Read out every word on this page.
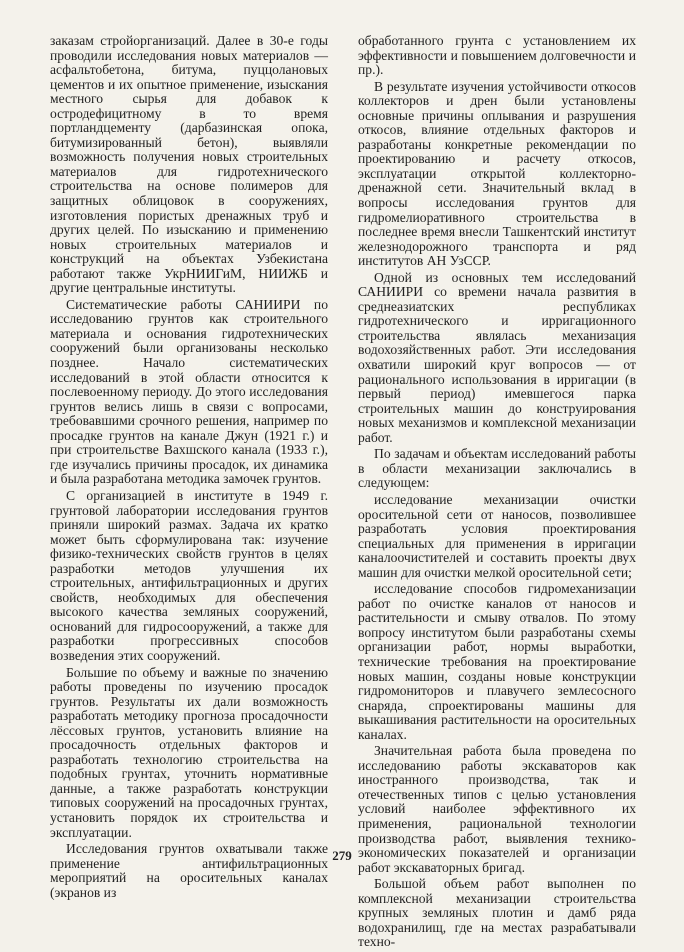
заказам стройорганизаций. Далее в 30-е годы проводили исследования новых материалов — асфальтобетона, битума, пуццолановых цементов и их опытное применение, изыскания местного сырья для добавок к остродефицитному в то время портландцементу (дарбазинская опока, битумизированный бетон), выявляли возможность получения новых строительных материалов для гидротехнического строительства на основе полимеров для защитных облицовок в сооружениях, изготовления пористых дренажных труб и других целей. По изысканию и применению новых строительных материалов и конструкций на объектах Узбекистана работают также УкрНИИГиМ, НИИЖБ и другие центральные институты.

Систематические работы САНИИРИ по исследованию грунтов как строительного материала и основания гидротехнических сооружений были организованы несколько позднее. Начало систематических исследований в этой области относится к послевоенному периоду. До этого исследования грунтов велись лишь в связи с вопросами, требовавшими срочного решения, например по просадке грунтов на канале Джун (1921 г.) и при строительстве Вахшского канала (1933 г.), где изучались причины просадок, их динамика и была разработана методика замочек грунтов.

С организацией в институте в 1949 г. грунтовой лаборатории исследования грунтов приняли широкий размах. Задача их кратко может быть сформулирована так: изучение физико-технических свойств грунтов в целях разработки методов улучшения их строительных, антифильтрационных и других свойств, необходимых для обеспечения высокого качества земляных сооружений, оснований для гидросооружений, а также для разработки прогрессивных способов возведения этих сооружений.

Большие по объему и важные по значению работы проведены по изучению просадок грунтов. Результаты их дали возможность разработать методику прогноза просадочности лёссовых грунтов, установить влияние на просадочность отдельных факторов и разработать технологию строительства на подобных грунтах, уточнить нормативные данные, а также разработать конструкции типовых сооружений на просадочных грунтах, установить порядок их строительства и эксплуатации.

Исследования грунтов охватывали также применение антифильтрационных мероприятий на оросительных каналах (экранов из

обработанного грунта с установлением их эффективности и повышением долговечности и пр.).

В результате изучения устойчивости откосов коллекторов и дрен были установлены основные причины оплывания и разрушения откосов, влияние отдельных факторов и разработаны конкретные рекомендации по проектированию и расчету откосов, эксплуатации открытой коллекторно-дренажной сети. Значительный вклад в вопросы исследования грунтов для гидромелиоративного строительства в последнее время внесли Ташкентский институт железнодорожного транспорта и ряд институтов АН УзССР.

Одной из основных тем исследований САНИИРИ со времени начала развития в среднеазиатских республиках гидротехнического и ирригационного строительства являлась механизация водохозяйственных работ. Эти исследования охватили широкий круг вопросов — от рационального использования в ирригации (в первый период) имевшегося парка строительных машин до конструирования новых механизмов и комплексной механизации работ.

По задачам и объектам исследований работы в области механизации заключались в следующем:

исследование механизации очистки оросительной сети от наносов, позволившее разработать условия проектирования специальных для применения в ирригации каналоочистителей и составить проекты двух машин для очистки мелкой оросительной сети;

исследование способов гидромеханизации работ по очистке каналов от наносов и растительности и смыву отвалов. По этому вопросу институтом были разработаны схемы организации работ, нормы выработки, технические требования на проектирование новых машин, созданы новые конструкции гидромониторов и плавучего землесосного снаряда, спроектированы машины для выкашивания растительности на оросительных каналах.

Значительная работа была проведена по исследованию работы экскаваторов как иностранного производства, так и отечественных типов с целью установления условий наиболее эффективного их применения, рациональной технологии производства работ, выявления технико-экономических показателей и организации работ экскаваторных бригад.

Большой объем работ выполнен по комплексной механизации строительства крупных земляных плотин и дамб ряда водохранилищ, где на местах разрабатывали техно-

279
